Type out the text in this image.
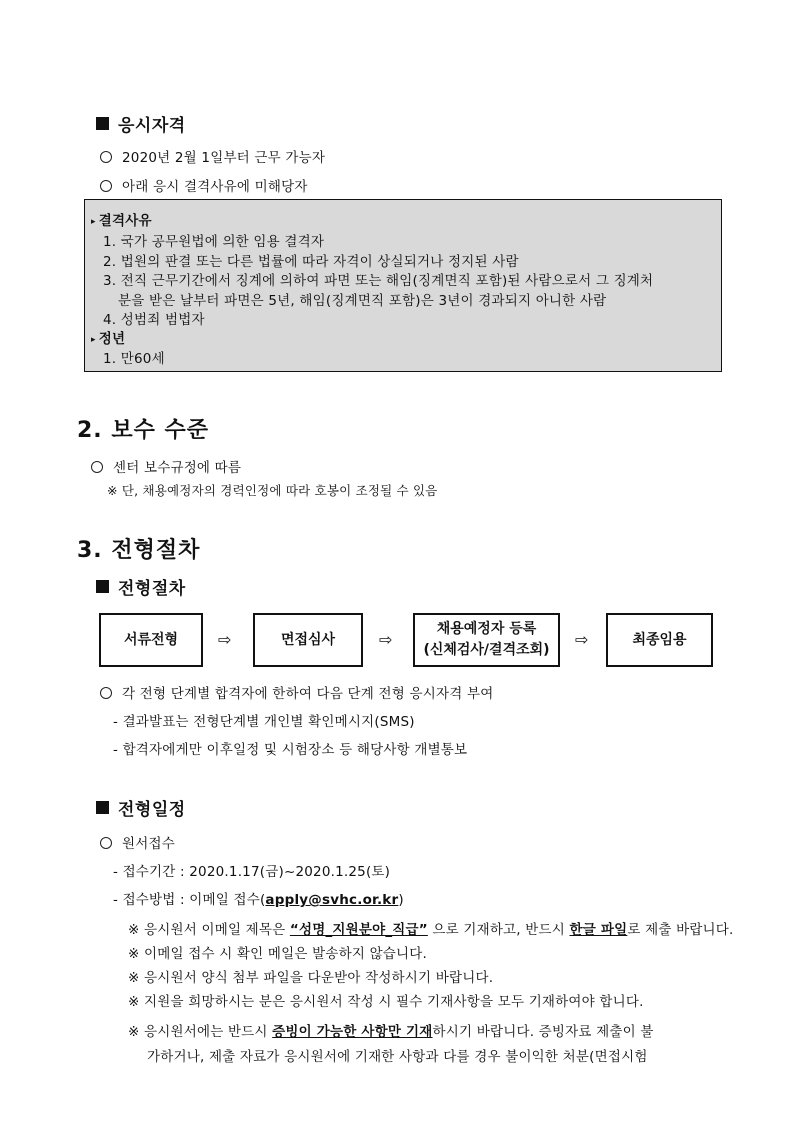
응시자격
2020년 2월 1일부터 근무 가능자
아래 응시 결격사유에 미해당자
▸ 결격사유
1. 국가 공무원법에 의한 임용 결격자
2. 법원의 판결 또는 다른 법률에 따라 자격이 상실되거나 정지된 사람
3. 전직 근무기간에서 징계에 의하여 파면 또는 해임(징계면직 포함)된 사람으로서 그 징계처
분을 받은 날부터 파면은 5년, 해임(징계면직 포함)은 3년이 경과되지 아니한 사람
4. 성범죄 범법자
▸ 정년
1. 만60세
2. 보수 수준
센터 보수규정에 따름
※ 단, 채용예정자의 경력인정에 따라 호봉이 조정될 수 있음
3. 전형절차
전형절차
서류전형	⇨	면접심사	⇨
채용예정자 등록
(신체검사/결격조회)
⇨	최종임용
각 전형 단계별 합격자에 한하여 다음 단계 전형 응시자격 부여
- 결과발표는 전형단계별 개인별 확인메시지(SMS)
- 합격자에게만 이후일정 및 시험장소 등 해당사항 개별통보
전형일정
원서접수
- 접수기간 : 2020.1.17(금)~2020.1.25(토)
- 접수방법 : 이메일 접수(apply@svhc.or.kr)
※ 응시원서 이메일 제목은 “성명_지원분야_직급” 으로 기재하고, 반드시 한글 파일로 제출 바랍니다.
※ 이메일 접수 시 확인 메일은 발송하지 않습니다.
※ 응시원서 양식 첨부 파일을 다운받아 작성하시기 바랍니다.
※ 지원을 희망하시는 분은 응시원서 작성 시 필수 기재사항을 모두 기재하여야 합니다.
※ 응시원서에는 반드시 증빙이 가능한 사항만 기재하시기 바랍니다. 증빙자료 제출이 불
가하거나, 제출 자료가 응시원서에 기재한 사항과 다를 경우 불이익한 처분(면접시험
